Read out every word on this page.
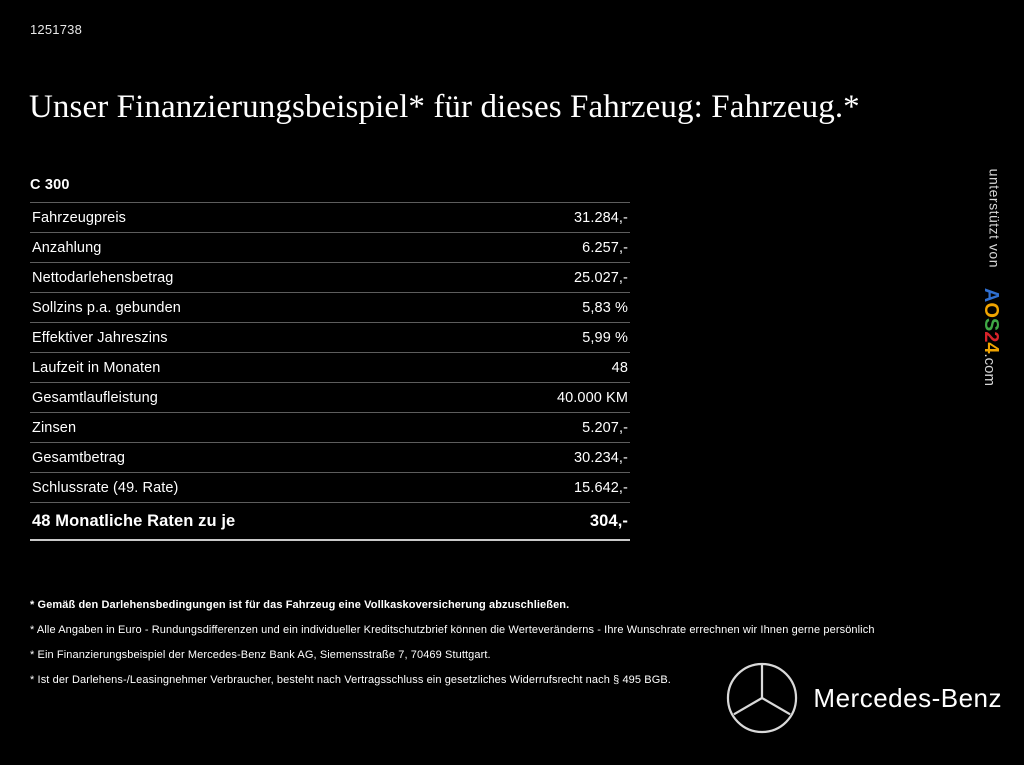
1251738
Unser Finanzierungsbeispiel* für dieses Fahrzeug: Fahrzeug.*
C 300
Fahrzeugpreis	31.284,-
Anzahlung	6.257,-
Nettodarlehensbetrag	25.027,-
Sollzins p.a. gebunden	5,83 %
Effektiver Jahreszins	5,99 %
Laufzeit in Monaten	48
Gesamtlaufleistung	40.000 KM
Zinsen	5.207,-
Gesamtbetrag	30.234,-
Schlussrate (49. Rate)	15.642,-
48 Monatliche Raten zu je	304,-
* Gemäß den Darlehensbedingungen ist für das Fahrzeug eine Vollkaskoversicherung abzuschließen.
* Alle Angaben in Euro - Rundungsdifferenzen und ein individueller Kreditschutzbrief können die Werteveränderns - Ihre Wunschrate errechnen wir Ihnen gerne persönlich
* Ein Finanzierungsbeispiel der Mercedes-Benz Bank AG, Siemensstraße 7, 70469 Stuttgart.
* Ist der Darlehens-/Leasingnehmer Verbraucher, besteht nach Vertragsschluss ein gesetzliches Widerrufsrecht nach § 495 BGB.
unterstützt von
AOS24.com
Mercedes-Benz
